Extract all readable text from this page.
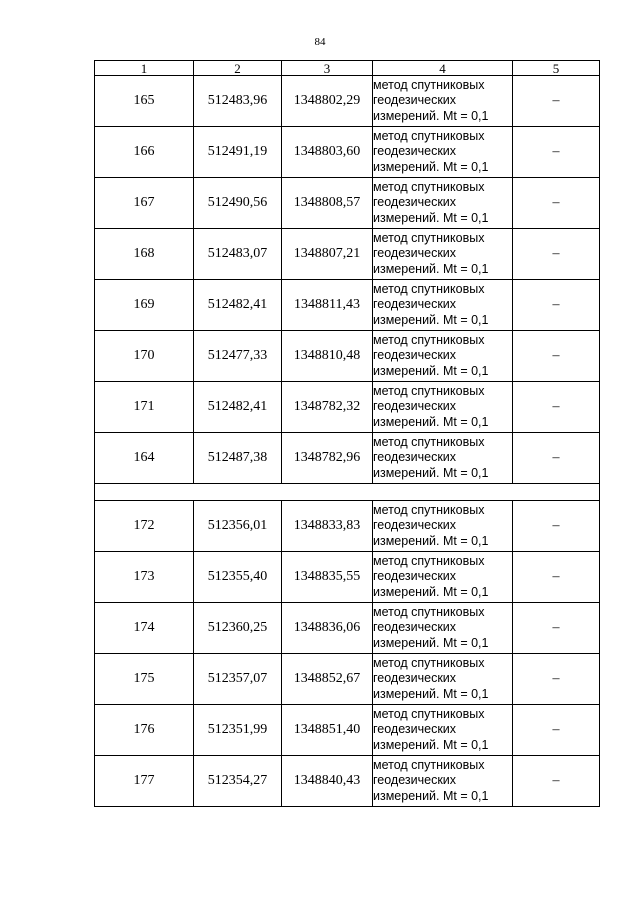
84
1	2	3	4	5
165	512483,96	1348802,29	метод спутниковых
геодезических
измерений. Mt = 0,1	–
166	512491,19	1348803,60	метод спутниковых
геодезических
измерений. Mt = 0,1	–
167	512490,56	1348808,57	метод спутниковых
геодезических
измерений. Mt = 0,1	–
168	512483,07	1348807,21	метод спутниковых
геодезических
измерений. Mt = 0,1	–
169	512482,41	1348811,43	метод спутниковых
геодезических
измерений. Mt = 0,1	–
170	512477,33	1348810,48	метод спутниковых
геодезических
измерений. Mt = 0,1	–
171	512482,41	1348782,32	метод спутниковых
геодезических
измерений. Mt = 0,1	–
164	512487,38	1348782,96	метод спутниковых
геодезических
измерений. Mt = 0,1	–

172	512356,01	1348833,83	метод спутниковых
геодезических
измерений. Mt = 0,1	–
173	512355,40	1348835,55	метод спутниковых
геодезических
измерений. Mt = 0,1	–
174	512360,25	1348836,06	метод спутниковых
геодезических
измерений. Mt = 0,1	–
175	512357,07	1348852,67	метод спутниковых
геодезических
измерений. Mt = 0,1	–
176	512351,99	1348851,40	метод спутниковых
геодезических
измерений. Mt = 0,1	–
177	512354,27	1348840,43	метод спутниковых
геодезических
измерений. Mt = 0,1	–
